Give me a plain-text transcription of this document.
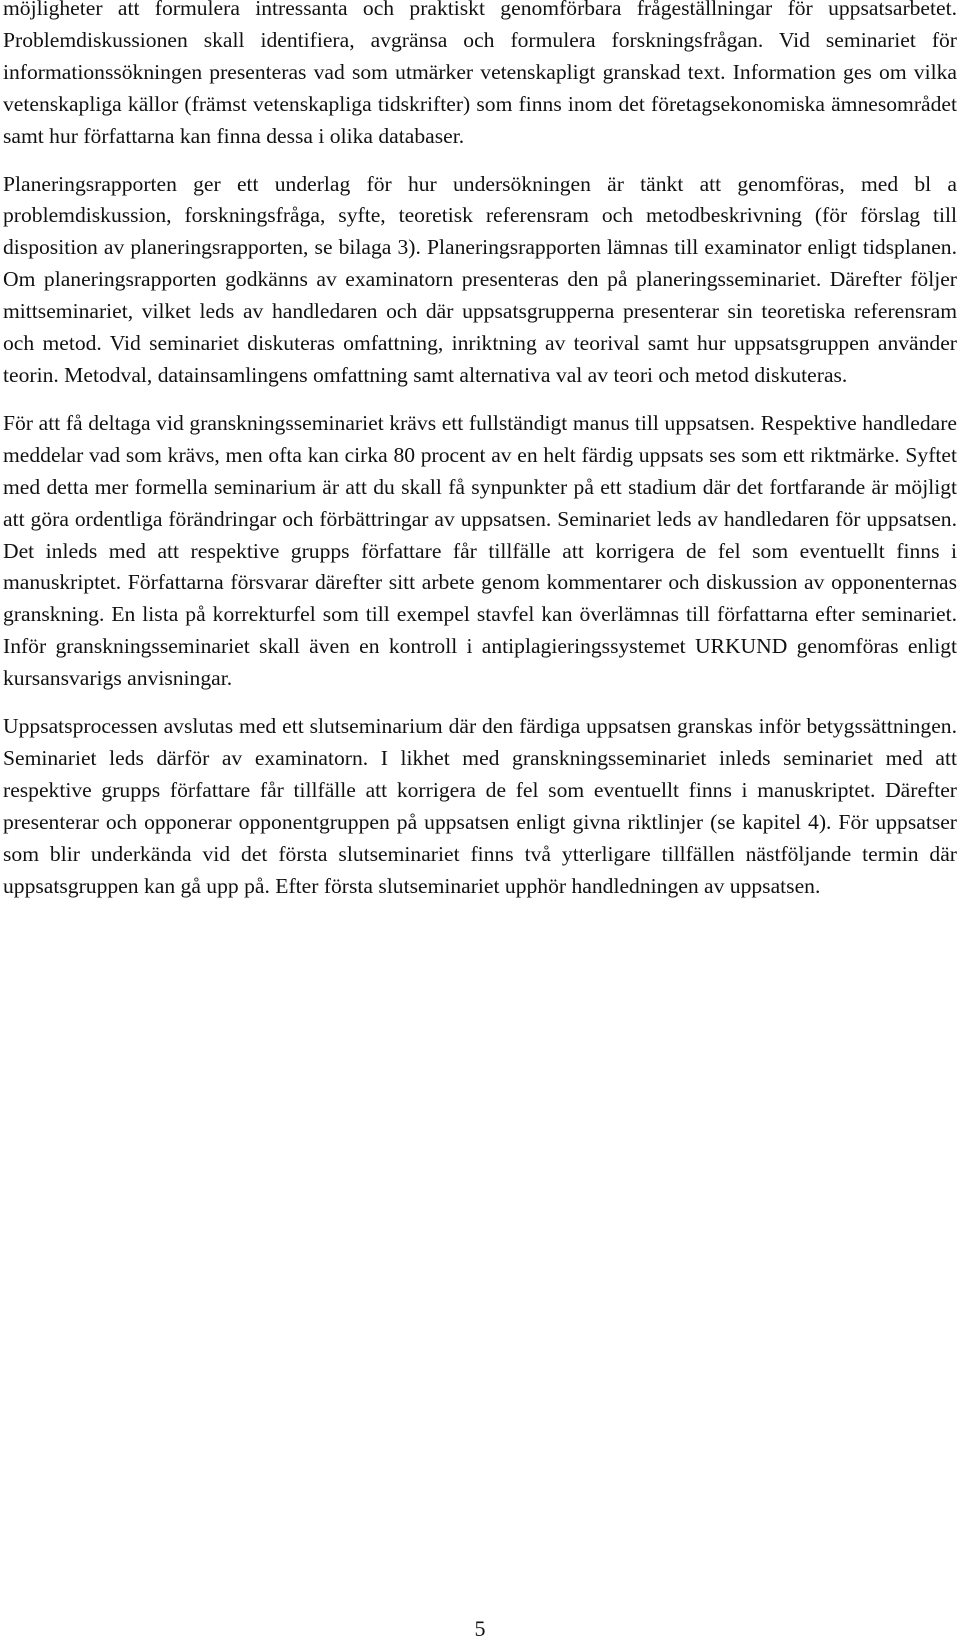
möjligheter att formulera intressanta och praktiskt genomförbara frågeställningar för uppsatsarbetet. Problemdiskussionen skall identifiera, avgränsa och formulera forskningsfrågan. Vid seminariet för informationssökningen presenteras vad som utmärker vetenskapligt granskad text. Information ges om vilka vetenskapliga källor (främst vetenskapliga tidskrifter) som finns inom det företagsekonomiska ämnesområdet samt hur författarna kan finna dessa i olika databaser.

Planeringsrapporten ger ett underlag för hur undersökningen är tänkt att genomföras, med bl a problemdiskussion, forskningsfråga, syfte, teoretisk referensram och metodbeskrivning (för förslag till disposition av planeringsrapporten, se bilaga 3). Planeringsrapporten lämnas till examinator enligt tidsplanen. Om planeringsrapporten godkänns av examinatorn presenteras den på planeringsseminariet. Därefter följer mittseminariet, vilket leds av handledaren och där uppsatsgrupperna presenterar sin teoretiska referensram och metod. Vid seminariet diskuteras omfattning, inriktning av teorival samt hur uppsatsgruppen använder teorin. Metodval, datainsamlingens omfattning samt alternativa val av teori och metod diskuteras.

För att få deltaga vid granskningsseminariet krävs ett fullständigt manus till uppsatsen. Respektive handledare meddelar vad som krävs, men ofta kan cirka 80 procent av en helt färdig uppsats ses som ett riktmärke. Syftet med detta mer formella seminarium är att du skall få synpunkter på ett stadium där det fortfarande är möjligt att göra ordentliga förändringar och förbättringar av uppsatsen. Seminariet leds av handledaren för uppsatsen. Det inleds med att respektive grupps författare får tillfälle att korrigera de fel som eventuellt finns i manuskriptet. Författarna försvarar därefter sitt arbete genom kommentarer och diskussion av opponenternas granskning. En lista på korrekturfel som till exempel stavfel kan överlämnas till författarna efter seminariet. Inför granskningsseminariet skall även en kontroll i antiplagieringssystemet URKUND genomföras enligt kursansvarigs anvisningar.

Uppsatsprocessen avslutas med ett slutseminarium där den färdiga uppsatsen granskas inför betygssättningen. Seminariet leds därför av examinatorn. I likhet med granskningsseminariet inleds seminariet med att respektive grupps författare får tillfälle att korrigera de fel som eventuellt finns i manuskriptet. Därefter presenterar och opponerar opponentgruppen på uppsatsen enligt givna riktlinjer (se kapitel 4). För uppsatser som blir underkända vid det första slutseminariet finns två ytterligare tillfällen nästföljande termin där uppsatsgruppen kan gå upp på. Efter första slutseminariet upphör handledningen av uppsatsen.

5
